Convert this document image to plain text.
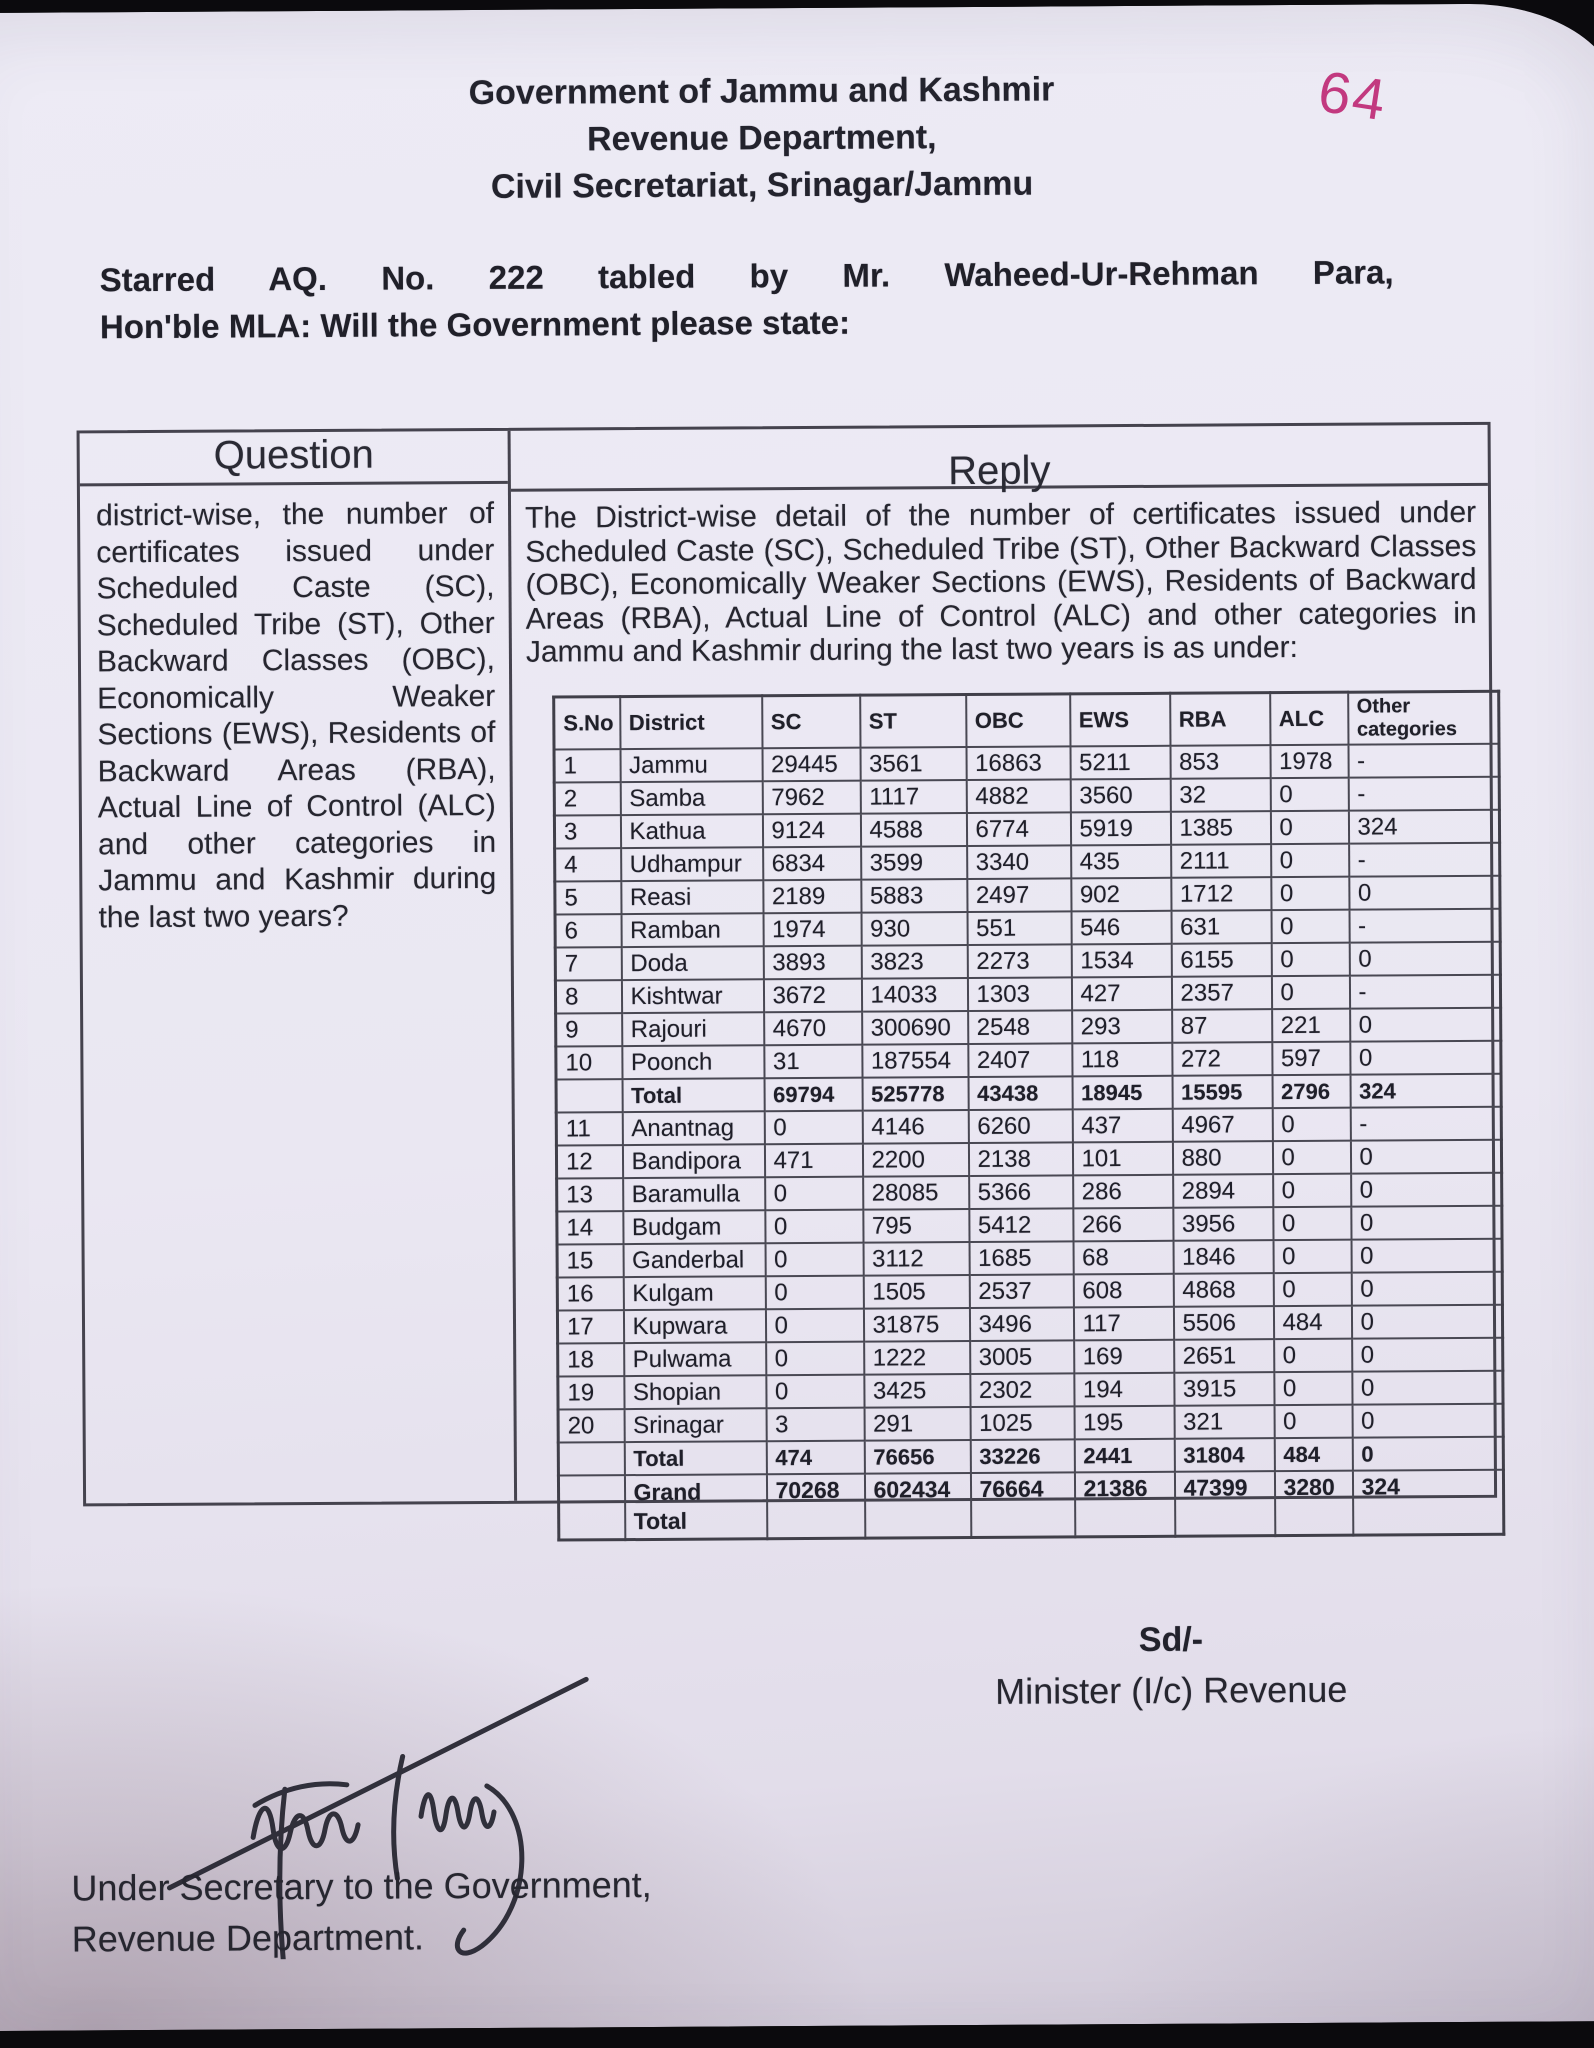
64
Government of Jammu and Kashmir
Revenue Department,
Civil Secretariat, Srinagar/Jammu
Starred AQ. No. 222 tabled by Mr. Waheed-Ur-Rehman Para,
Hon'ble MLA: Will the Government please state:
Question
district-wise, the number of certificates issued under Scheduled Caste (SC), Scheduled Tribe (ST), Other Backward Classes (OBC), Economically Weaker Sections (EWS), Residents of Backward Areas (RBA), Actual Line of Control (ALC) and other categories in Jammu and Kashmir during the last two years?
Reply
The District-wise detail of the number of certificates issued under Scheduled Caste (SC), Scheduled Tribe (ST), Other Backward Classes (OBC), Economically Weaker Sections (EWS), Residents of Backward Areas (RBA), Actual Line of Control (ALC) and other categories in Jammu and Kashmir during the last two years is as under:
S.No	District	SC	ST	OBC	EWS	RBA	ALC	Other categories
1	Jammu	29445	3561	16863	5211	853	1978	-
2	Samba	7962	1117	4882	3560	32	0	-
3	Kathua	9124	4588	6774	5919	1385	0	324
4	Udhampur	6834	3599	3340	435	2111	0	-
5	Reasi	2189	5883	2497	902	1712	0	0
6	Ramban	1974	930	551	546	631	0	-
7	Doda	3893	3823	2273	1534	6155	0	0
8	Kishtwar	3672	14033	1303	427	2357	0	-
9	Rajouri	4670	300690	2548	293	87	221	0
10	Poonch	31	187554	2407	118	272	597	0
	Total	69794	525778	43438	18945	15595	2796	324
11	Anantnag	0	4146	6260	437	4967	0	-
12	Bandipora	471	2200	2138	101	880	0	0
13	Baramulla	0	28085	5366	286	2894	0	0
14	Budgam	0	795	5412	266	3956	0	0
15	Ganderbal	0	3112	1685	68	1846	0	0
16	Kulgam	0	1505	2537	608	4868	0	0
17	Kupwara	0	31875	3496	117	5506	484	0
18	Pulwama	0	1222	3005	169	2651	0	0
19	Shopian	0	3425	2302	194	3915	0	0
20	Srinagar	3	291	1025	195	321	0	0
	Total	474	76656	33226	2441	31804	484	0
	Grand Total	70268	602434	76664	21386	47399	3280	324
Sd/-
Minister (I/c) Revenue
Under Secretary to the Government,
Revenue Department.
